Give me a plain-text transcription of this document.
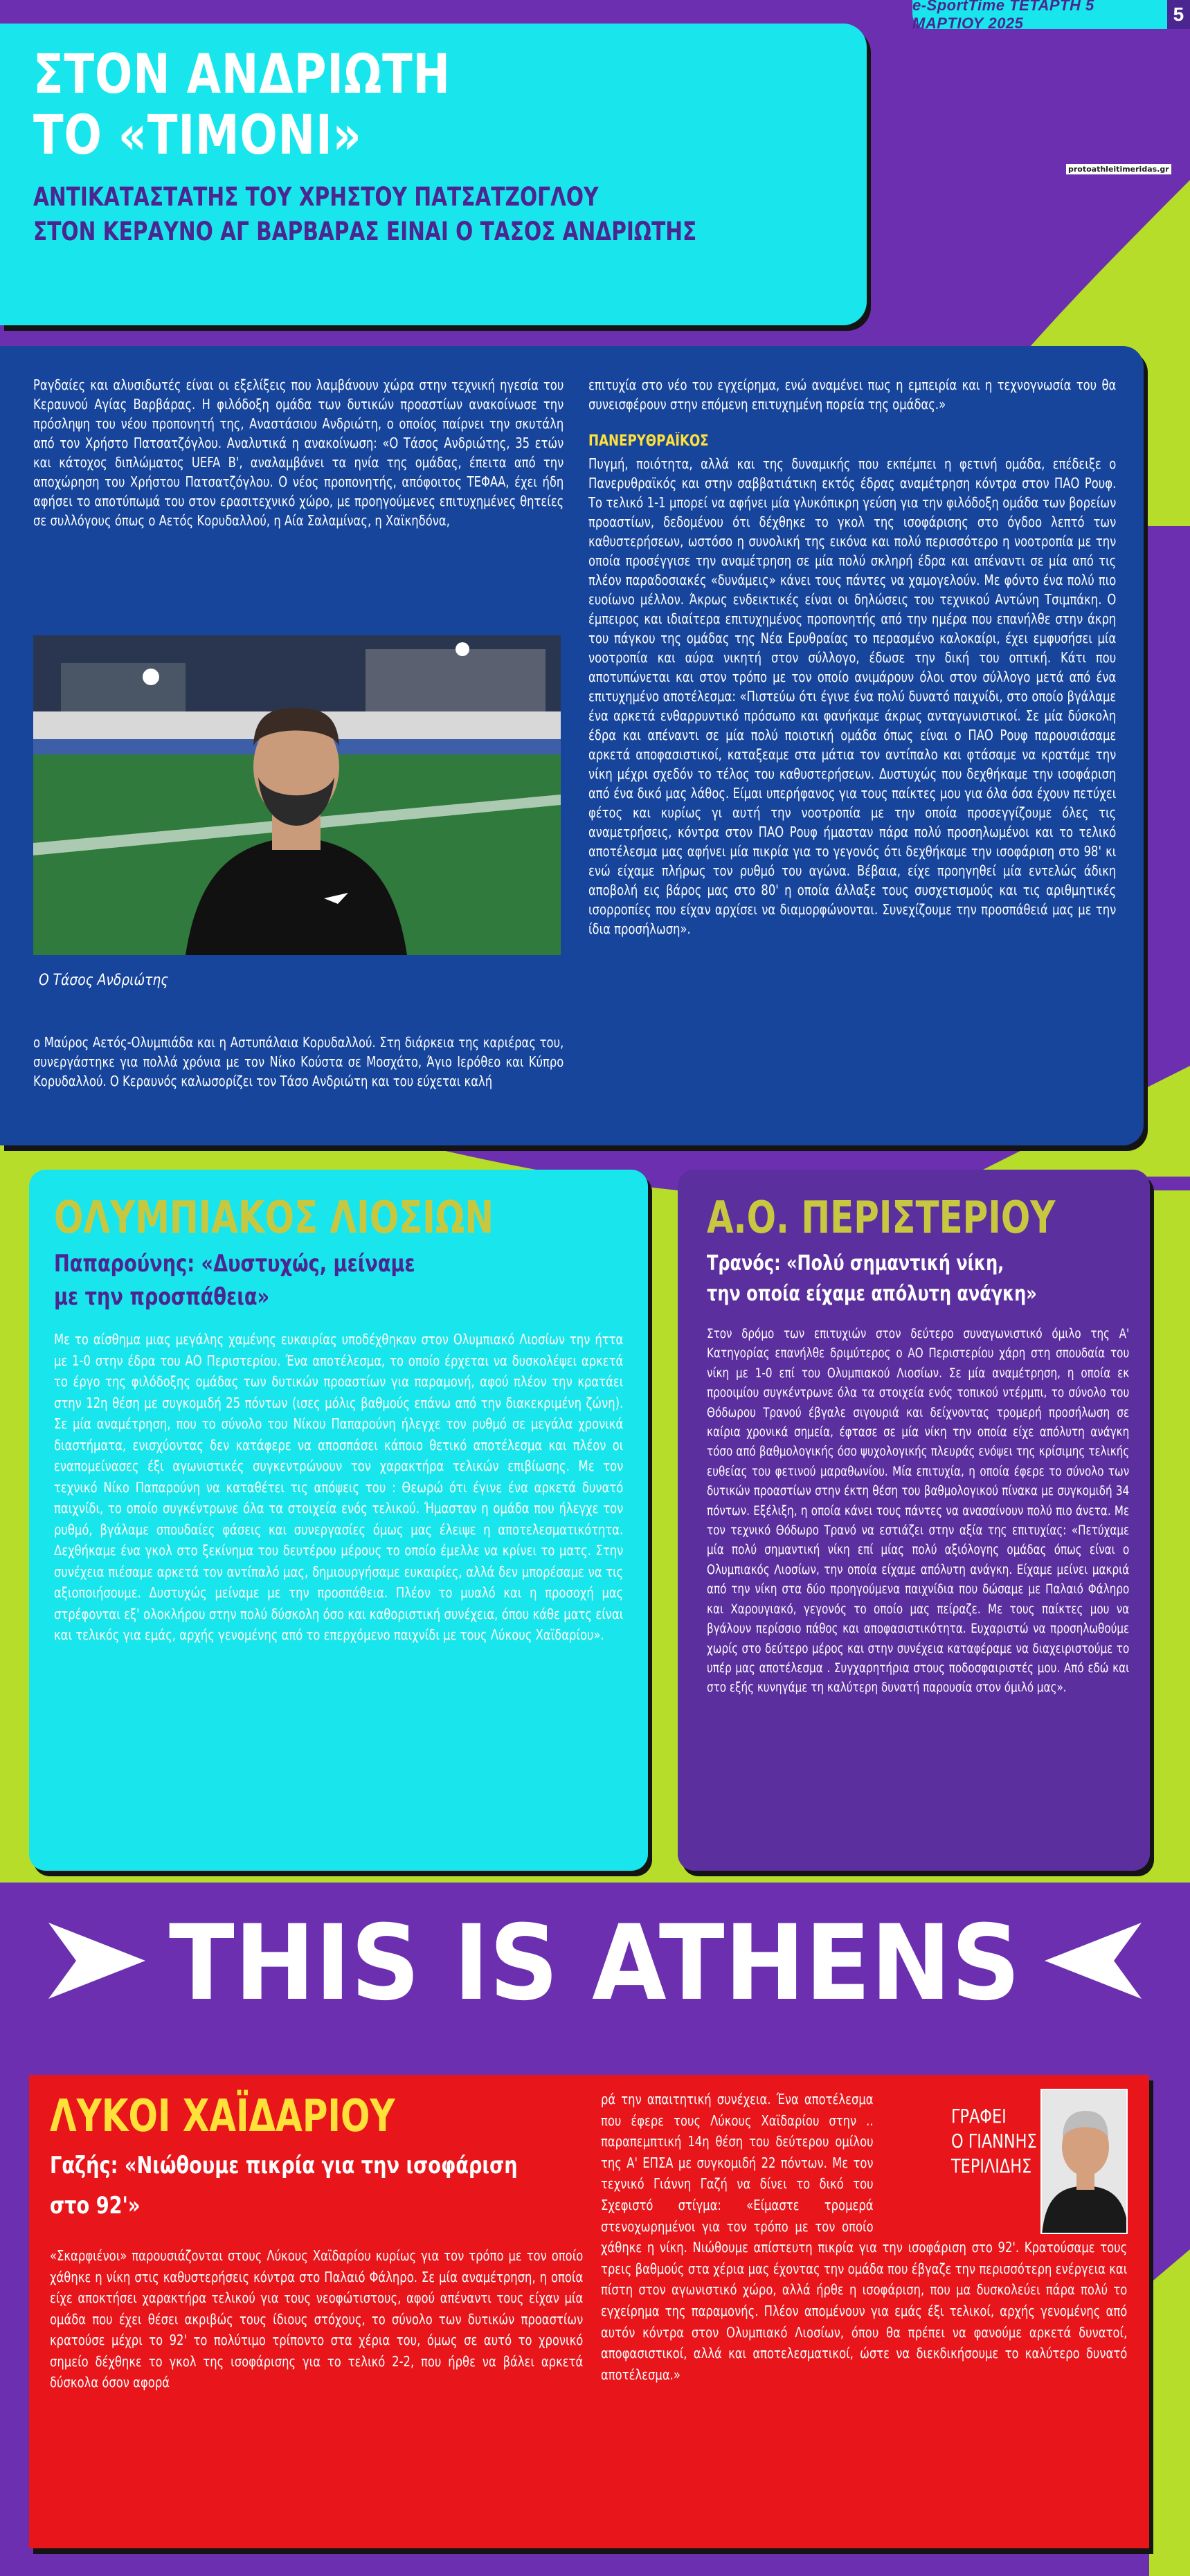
e-SportTime ΤΕΤΑΡΤΗ 5 ΜΑΡΤΙΟΥ 2025	5
ΣΤΟΝ ΑΝΔΡΙΩΤΗ
ΤΟ «ΤΙΜΟΝΙ»
ΑΝΤΙΚΑΤΑΣΤΑΤΗΣ ΤΟΥ ΧΡΗΣΤΟΥ ΠΑΤΣΑΤΖΟΓΛΟΥ
ΣΤΟΝ ΚΕΡΑΥΝΟ ΑΓ ΒΑΡΒΑΡΑΣ ΕΙΝΑΙ Ο ΤΑΣΟΣ ΑΝΔΡΙΩΤΗΣ
protoathleitimeridas.gr

Ραγδαίες και αλυσιδωτές είναι οι εξελίξεις που λαμβάνουν χώρα στην τεχνική ηγεσία του Κεραυνού Αγίας Βαρβάρας. Η φιλόδοξη ομάδα των δυτικών προαστίων ανακοίνωσε την πρόσληψη του νέου προπονητή της, Αναστάσιου Ανδριώτη, ο οποίος παίρνει την σκυτάλη από τον Χρήστο Πατσατζόγλου. Αναλυτικά η ανακοίνωση: «Ο Τάσος Ανδριώτης, 35 ετών και κάτοχος διπλώματος UEFA B', αναλαμβάνει τα ηνία της ομάδας, έπειτα από την αποχώρηση του Χρήστου Πατσατζόγλου. Ο νέος προπονητής, απόφοιτος ΤΕΦΑΑ, έχει ήδη αφήσει το αποτύπωμά του στον ερασιτεχνικό χώρο, με προηγούμενες επιτυχημένες θητείες σε συλλόγους όπως ο Αετός Κορυδαλλού, η Αία Σαλαμίνας, η Χαϊκηδόνα,

Ο Τάσος Ανδριώτης

ο Μαύρος Αετός-Ολυμπιάδα και η Αστυπάλαια Κορυδαλλού. Στη διάρκεια της καριέρας του, συνεργάστηκε για πολλά χρόνια με τον Νίκο Κούστα σε Μοσχάτο, Άγιο Ιερόθεο και Κύπρο Κορυδαλλού. Ο Κεραυνός καλωσορίζει τον Τάσο Ανδριώτη και του εύχεται καλή

επιτυχία στο νέο του εγχείρημα, ενώ αναμένει πως η εμπειρία και η τεχνογνωσία του θα συνεισφέρουν στην επόμενη επιτυχημένη πορεία της ομάδας.»

ΠΑΝΕΡΥΘΡΑΪΚΟΣ

Πυγμή, ποιότητα, αλλά και της δυναμικής που εκπέμπει η φετινή ομάδα, επέδειξε ο Πανερυθραϊκός και στην σαββατιάτικη εκτός έδρας αναμέτρηση κόντρα στον ΠΑΟ Ρουφ. Το τελικό 1-1 μπορεί να αφήνει μία γλυκόπικρη γεύση για την φιλόδοξη ομάδα των βορείων προαστίων, δεδομένου ότι δέχθηκε το γκολ της ισοφάρισης στο όγδοο λεπτό των καθυστερήσεων, ωστόσο η συνολική της εικόνα και πολύ περισσότερο η νοοτροπία με την οποία προσέγγισε την αναμέτρηση σε μία πολύ σκληρή έδρα και απέναντι σε μία από τις πλέον παραδοσιακές «δυνάμεις» κάνει τους πάντες να χαμογελούν. Με φόντο ένα πολύ πιο ευοίωνο μέλλον. Άκρως ενδεικτικές είναι οι δηλώσεις του τεχνικού Αντώνη Τσιμπάκη. Ο έμπειρος και ιδιαίτερα επιτυχημένος προπονητής από την ημέρα που επανήλθε στην άκρη του πάγκου της ομάδας της Νέα Ερυθραίας το περασμένο καλοκαίρι, έχει εμφυσήσει μία νοοτροπία και αύρα νικητή στον σύλλογο, έδωσε την δική του οπτική. Κάτι που αποτυπώνεται και στον τρόπο με τον οποίο ανιμάρουν όλοι στον σύλλογο μετά από ένα επιτυχημένο αποτέλεσμα: «Πιστεύω ότι έγινε ένα πολύ δυνατό παιχνίδι, στο οποίο βγάλαμε ένα αρκετά ενθαρρυντικό πρόσωπο και φανήκαμε άκρως ανταγωνιστικοί. Σε μία δύσκολη έδρα και απέναντι σε μία πολύ ποιοτική ομάδα όπως είναι ο ΠΑΟ Ρουφ παρουσιάσαμε αρκετά αποφασιστικοί, καταξεαμε στα μάτια τον αντίπαλο και φτάσαμε να κρατάμε την νίκη μέχρι σχεδόν το τέλος του καθυστερήσεων. Δυστυχώς που δεχθήκαμε την ισοφάριση από ένα δικό μας λάθος. Είμαι υπερήφανος για τους παίκτες μου για όλα όσα έχουν πετύχει φέτος και κυρίως γι αυτή την νοοτροπία με την οποία προσεγγίζουμε όλες τις αναμετρήσεις, κόντρα στον ΠΑΟ Ρουφ ήμασταν πάρα πολύ προσηλωμένοι και το τελικό αποτέλεσμα μας αφήνει μία πικρία για το γεγονός ότι δεχθήκαμε την ισοφάριση στο 98' κι ενώ είχαμε πλήρως τον ρυθμό του αγώνα. Βέβαια, είχε προηγηθεί μία εντελώς άδικη αποβολή εις βάρος μας στο 80' η οποία άλλαξε τους συσχετισμούς και τις αριθμητικές ισορροπίες που είχαν αρχίσει να διαμορφώνονται. Συνεχίζουμε την προσπάθειά μας με την ίδια προσήλωση».

ΟΛΥΜΠΙΑΚΟΣ ΛΙΟΣΙΩΝ
Παπαρούνης: «Δυστυχώς, μείναμε
με την προσπάθεια»

Με το αίσθημα μιας μεγάλης χαμένης ευκαιρίας υποδέχθηκαν στον Ολυμπιακό Λιοσίων την ήττα με 1-0 στην έδρα του ΑΟ Περιστερίου. Ένα αποτέλεσμα, το οποίο έρχεται να δυσκολέψει αρκετά το έργο της φιλόδοξης ομάδας των δυτικών προαστίων για παραμονή, αφού πλέον την κρατάει στην 12η θέση με συγκομιδή 25 πόντων (ισες μόλις βαθμούς επάνω από την διακεκριμένη ζώνη). Σε μία αναμέτρηση, που το σύνολο του Νίκου Παπαρούνη ήλεγχε τον ρυθμό σε μεγάλα χρονικά διαστήματα, ενισχύοντας δεν κατάφερε να αποσπάσει κάποιο θετικό αποτέλεσμα και πλέον οι εναπομείνασες έξι αγωνιστικές συγκεντρώνουν τον χαρακτήρα τελικών επιβίωσης. Με τον τεχνικό Νίκο Παπαρούνη να καταθέτει τις απόψεις του : Θεωρώ ότι έγινε ένα αρκετά δυνατό παιχνίδι, το οποίο συγκέντρωνε όλα τα στοιχεία ενός τελικού. Ήμασταν η ομάδα που ήλεγχε τον ρυθμό, βγάλαμε σπουδαίες φάσεις και συνεργασίες όμως μας έλειψε η αποτελεσματικότητα. Δεχθήκαμε ένα γκολ στο ξεκίνημα του δευτέρου μέρους το οποίο έμελλε να κρίνει το ματς. Στην συνέχεια πιέσαμε αρκετά τον αντίπαλό μας, δημιουργήσαμε ευκαιρίες, αλλά δεν μπορέσαμε να τις αξιοποιήσουμε. Δυστυχώς μείναμε με την προσπάθεια. Πλέον το μυαλό και η προσοχή μας στρέφονται εξ' ολοκλήρου στην πολύ δύσκολη όσο και καθοριστική συνέχεια, όπου κάθε ματς είναι και τελικός για εμάς, αρχής γενομένης από το επερχόμενο παιχνίδι με τους Λύκους Χαϊδαρίου».

Α.Ο. ΠΕΡΙΣΤΕΡΙΟΥ
Τρανός: «Πολύ σημαντική νίκη,
την οποία είχαμε απόλυτη ανάγκη»

Στον δρόμο των επιτυχιών στον δεύτερο συναγωνιστικό όμιλο της Α' Κατηγορίας επανήλθε δριμύτερος ο ΑΟ Περιστερίου χάρη στη σπουδαία του νίκη με 1-0 επί του Ολυμπιακού Λιοσίων. Σε μία αναμέτρηση, η οποία εκ προοιμίου συγκέντρωνε όλα τα στοιχεία ενός τοπικού ντέρμπι, το σύνολο του Θόδωρου Τρανού έβγαλε σιγουριά και δείχνοντας τρομερή προσήλωση σε καίρια χρονικά σημεία, έφτασε σε μία νίκη την οποία είχε απόλυτη ανάγκη τόσο από βαθμολογικής όσο ψυχολογικής πλευράς ενόψει της κρίσιμης τελικής ευθείας του φετινού μαραθωνίου. Μία επιτυχία, η οποία έφερε το σύνολο των δυτικών προαστίων στην έκτη θέση του βαθμολογικού πίνακα με συγκομιδή 34 πόντων. Εξέλιξη, η οποία κάνει τους πάντες να ανασαίνουν πολύ πιο άνετα. Με τον τεχνικό Θόδωρο Τρανό να εστιάζει στην αξία της επιτυχίας: «Πετύχαμε μία πολύ σημαντική νίκη επί μίας πολύ αξιόλογης ομάδας όπως είναι ο Ολυμπιακός Λιοσίων, την οποία είχαμε απόλυτη ανάγκη. Είχαμε μείνει μακριά από την νίκη στα δύο προηγούμενα παιχνίδια που δώσαμε με Παλαιό Φάληρο και Χαρουγιακό, γεγονός το οποίο μας πείραζε. Με τους παίκτες μου να βγάλουν περίσσιο πάθος και αποφασιστικότητα. Ευχαριστώ να προσηλωθούμε χωρίς στο δεύτερο μέρος και στην συνέχεια καταφέραμε να διαχειριστούμε το υπέρ μας αποτέλεσμα . Συγχαρητήρια στους ποδοσφαιριστές μου. Από εδώ και στο εξής κυνηγάμε τη καλύτερη δυνατή παρουσία στον όμιλό μας».

THIS IS ATHENS
ΛΥΚΟΙ ΧΑΪΔΑΡΙΟΥ
Γαζής: «Νιώθουμε πικρία για την ισοφάριση
στο 92'»

«Σκαρφιένοι» παρουσιάζονται στους Λύκους Χαϊδαρίου κυρίως για τον τρόπο με τον οποίο χάθηκε η νίκη στις καθυστερήσεις κόντρα στο Παλαιό Φάληρο. Σε μία αναμέτρηση, η οποία είχε αποκτήσει χαρακτήρα τελικού για τους νεοφώτιστους, αφού απέναντι τους είχαν μία ομάδα που έχει θέσει ακριβώς τους ίδιους στόχους, το σύνολο των δυτικών προαστίων κρατούσε μέχρι το 92' το πολύτιμο τρίποντο στα χέρια του, όμως σε αυτό το χρονικό σημείο δέχθηκε το γκολ της ισοφάρισης για το τελικό 2-2, που ήρθε να βάλει αρκετά δύσκολα όσον αφορά

ρά την απαιτητική συνέχεια. Ένα αποτέλεσμα που έφερε τους Λύκους Χαϊδαρίου στην .. παραπεμπτική 14η θέση του δεύτερου ομίλου της Α' ΕΠΣΑ με συγκομιδή 22 πόντων. Με τον τεχνικό Γιάννη Γαζή να δίνει το δικό του Σχεφιστό στίγμα: «Είμαστε τρομερά στενοχωρημένοι για τον τρόπο με τον οποίο χάθηκε η νίκη. Νιώθουμε απίστευτη πικρία για την ισοφάριση στο 92'. Κρατούσαμε τους τρεις βαθμούς στα χέρια μας έχοντας την ομάδα που έβγαζε την περισσότερη ενέργεια και πίστη στον αγωνιστικό χώρο, αλλά ήρθε η ισοφάριση, που μα δυσκολεύει πάρα πολύ το εγχείρημα της παραμονής. Πλέον απομένουν για εμάς έξι τελικοί, αρχής γενομένης από αυτόν κόντρα στον Ολυμπιακό Λιοσίων, όπου θα πρέπει να φανούμε αρκετά δυνατοί, αποφασιστικοί, αλλά και αποτελεσματικοί, ώστε να διεκδικήσουμε το καλύτερο δυνατό αποτέλεσμα.»

ΓΡΑΦΕΙ
Ο ΓΙΑΝΝΗΣ
ΤΕΡΙΛΙΔΗΣ
